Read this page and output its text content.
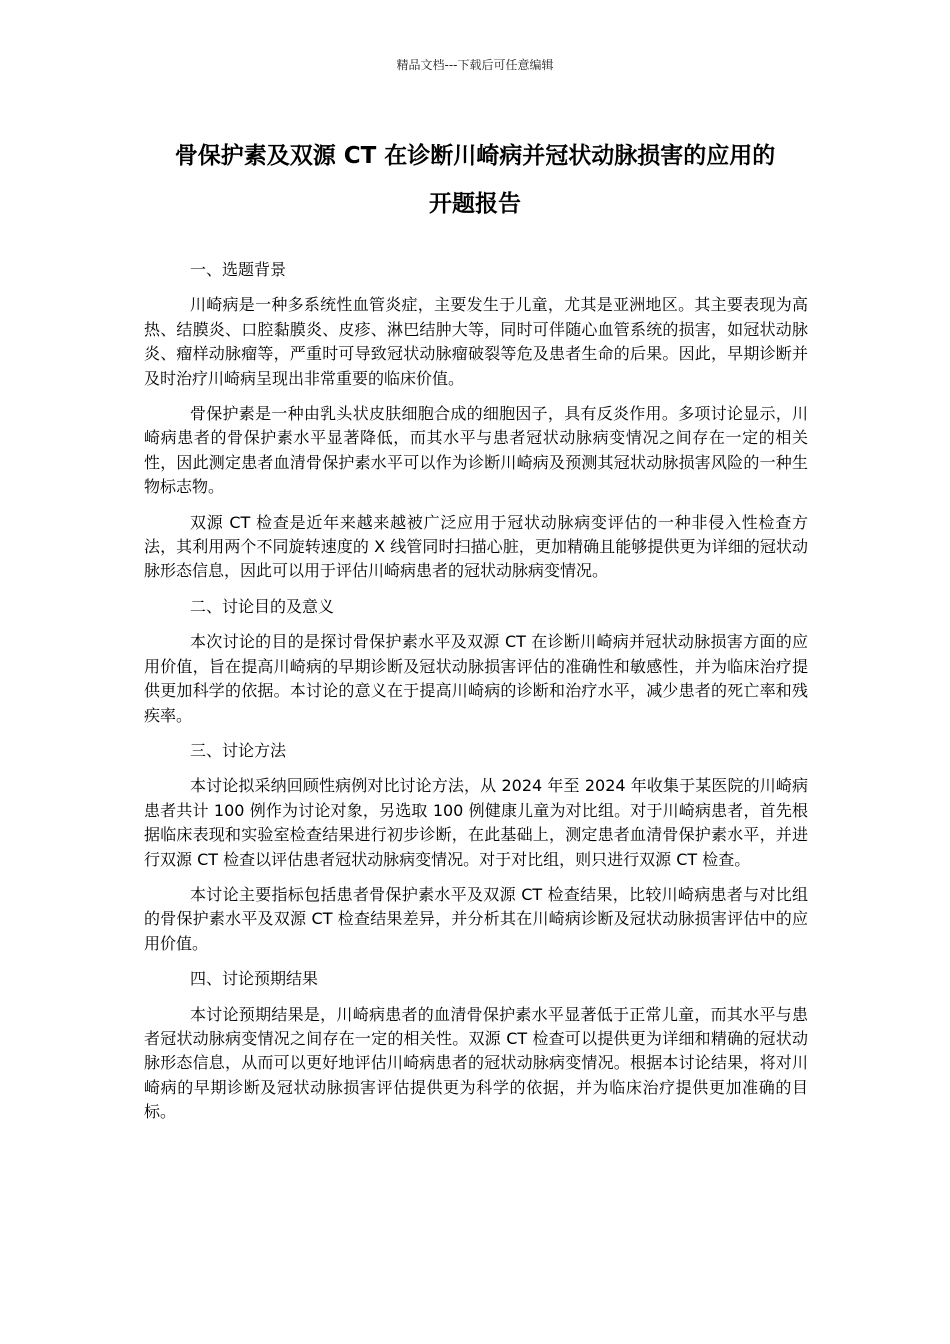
精品文档---下载后可任意编辑
骨保护素及双源 CT 在诊断川崎病并冠状动脉损害的应用的
开题报告
一、选题背景

川崎病是一种多系统性血管炎症，主要发生于儿童，尤其是亚洲地区。其主要表现为高热、结膜炎、口腔黏膜炎、皮疹、淋巴结肿大等，同时可伴随心血管系统的损害，如冠状动脉炎、瘤样动脉瘤等，严重时可导致冠状动脉瘤破裂等危及患者生命的后果。因此，早期诊断并及时治疗川崎病呈现出非常重要的临床价值。

骨保护素是一种由乳头状皮肤细胞合成的细胞因子，具有反炎作用。多项讨论显示，川崎病患者的骨保护素水平显著降低，而其水平与患者冠状动脉病变情况之间存在一定的相关性，因此测定患者血清骨保护素水平可以作为诊断川崎病及预测其冠状动脉损害风险的一种生物标志物。

双源 CT 检查是近年来越来越被广泛应用于冠状动脉病变评估的一种非侵入性检查方法，其利用两个不同旋转速度的 X 线管同时扫描心脏，更加精确且能够提供更为详细的冠状动脉形态信息，因此可以用于评估川崎病患者的冠状动脉病变情况。

二、讨论目的及意义

本次讨论的目的是探讨骨保护素水平及双源 CT 在诊断川崎病并冠状动脉损害方面的应用价值，旨在提高川崎病的早期诊断及冠状动脉损害评估的准确性和敏感性，并为临床治疗提供更加科学的依据。本讨论的意义在于提高川崎病的诊断和治疗水平，减少患者的死亡率和残疾率。

三、讨论方法

本讨论拟采纳回顾性病例对比讨论方法，从 2024 年至 2024 年收集于某医院的川崎病患者共计 100 例作为讨论对象，另选取 100 例健康儿童为对比组。对于川崎病患者，首先根据临床表现和实验室检查结果进行初步诊断，在此基础上，测定患者血清骨保护素水平，并进行双源 CT 检查以评估患者冠状动脉病变情况。对于对比组，则只进行双源 CT 检查。

本讨论主要指标包括患者骨保护素水平及双源 CT 检查结果，比较川崎病患者与对比组的骨保护素水平及双源 CT 检查结果差异，并分析其在川崎病诊断及冠状动脉损害评估中的应用价值。

四、讨论预期结果

本讨论预期结果是，川崎病患者的血清骨保护素水平显著低于正常儿童，而其水平与患者冠状动脉病变情况之间存在一定的相关性。双源 CT 检查可以提供更为详细和精确的冠状动脉形态信息，从而可以更好地评估川崎病患者的冠状动脉病变情况。根据本讨论结果，将对川崎病的早期诊断及冠状动脉损害评估提供更为科学的依据，并为临床治疗提供更加准确的目标。
